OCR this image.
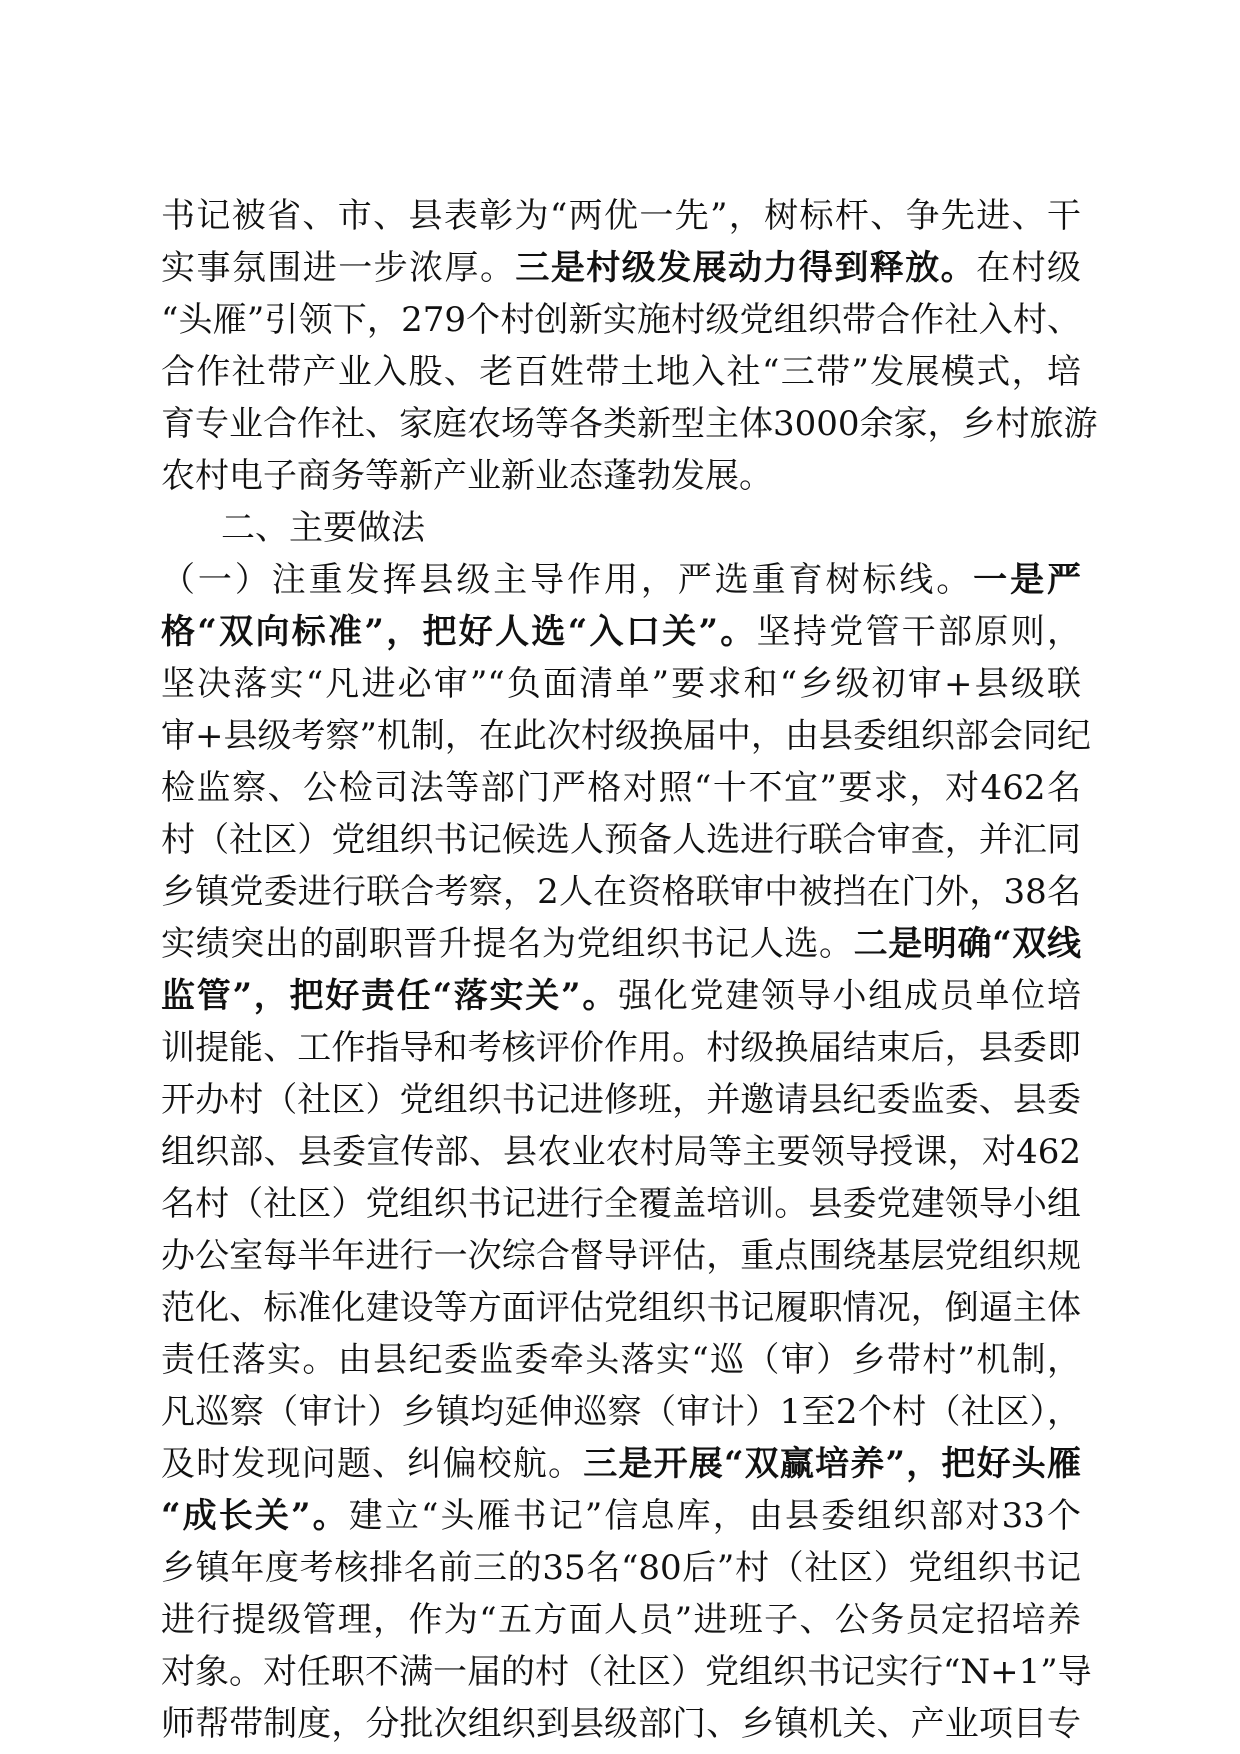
书记被省、市、县表彰为“两优一先”，树标杆、争先进、干
实事氛围进一步浓厚。三是村级发展动力得到释放。在村级
“头雁”引领下，279个村创新实施村级党组织带合作社入村、
合作社带产业入股、老百姓带土地入社“三带”发展模式，培
育专业合作社、家庭农场等各类新型主体3000余家，乡村旅游
农村电子商务等新产业新业态蓬勃发展。
二、主要做法
（一）注重发挥县级主导作用，严选重育树标线。一是严
格“双向标准”，把好人选“入口关”。坚持党管干部原则，
坚决落实“凡进必审”“负面清单”要求和“乡级初审+县级联
审+县级考察”机制，在此次村级换届中，由县委组织部会同纪
检监察、公检司法等部门严格对照“十不宜”要求，对462名
村（社区）党组织书记候选人预备人选进行联合审查，并汇同
乡镇党委进行联合考察，2人在资格联审中被挡在门外，38名
实绩突出的副职晋升提名为党组织书记人选。二是明确“双线
监管”，把好责任“落实关”。强化党建领导小组成员单位培
训提能、工作指导和考核评价作用。村级换届结束后，县委即
开办村（社区）党组织书记进修班，并邀请县纪委监委、县委
组织部、县委宣传部、县农业农村局等主要领导授课，对462
名村（社区）党组织书记进行全覆盖培训。县委党建领导小组
办公室每半年进行一次综合督导评估，重点围绕基层党组织规
范化、标准化建设等方面评估党组织书记履职情况，倒逼主体
责任落实。由县纪委监委牵头落实“巡（审）乡带村”机制，
凡巡察（审计）乡镇均延伸巡察（审计）1至2个村（社区），
及时发现问题、纠偏校航。三是开展“双赢培养”，把好头雁
“成长关”。建立“头雁书记”信息库，由县委组织部对33个
乡镇年度考核排名前三的35名“80后”村（社区）党组织书记
进行提级管理，作为“五方面人员”进班子、公务员定招培养
对象。对任职不满一届的村（社区）党组织书记实行“N+1”导
师帮带制度，分批次组织到县级部门、乡镇机关、产业项目专
